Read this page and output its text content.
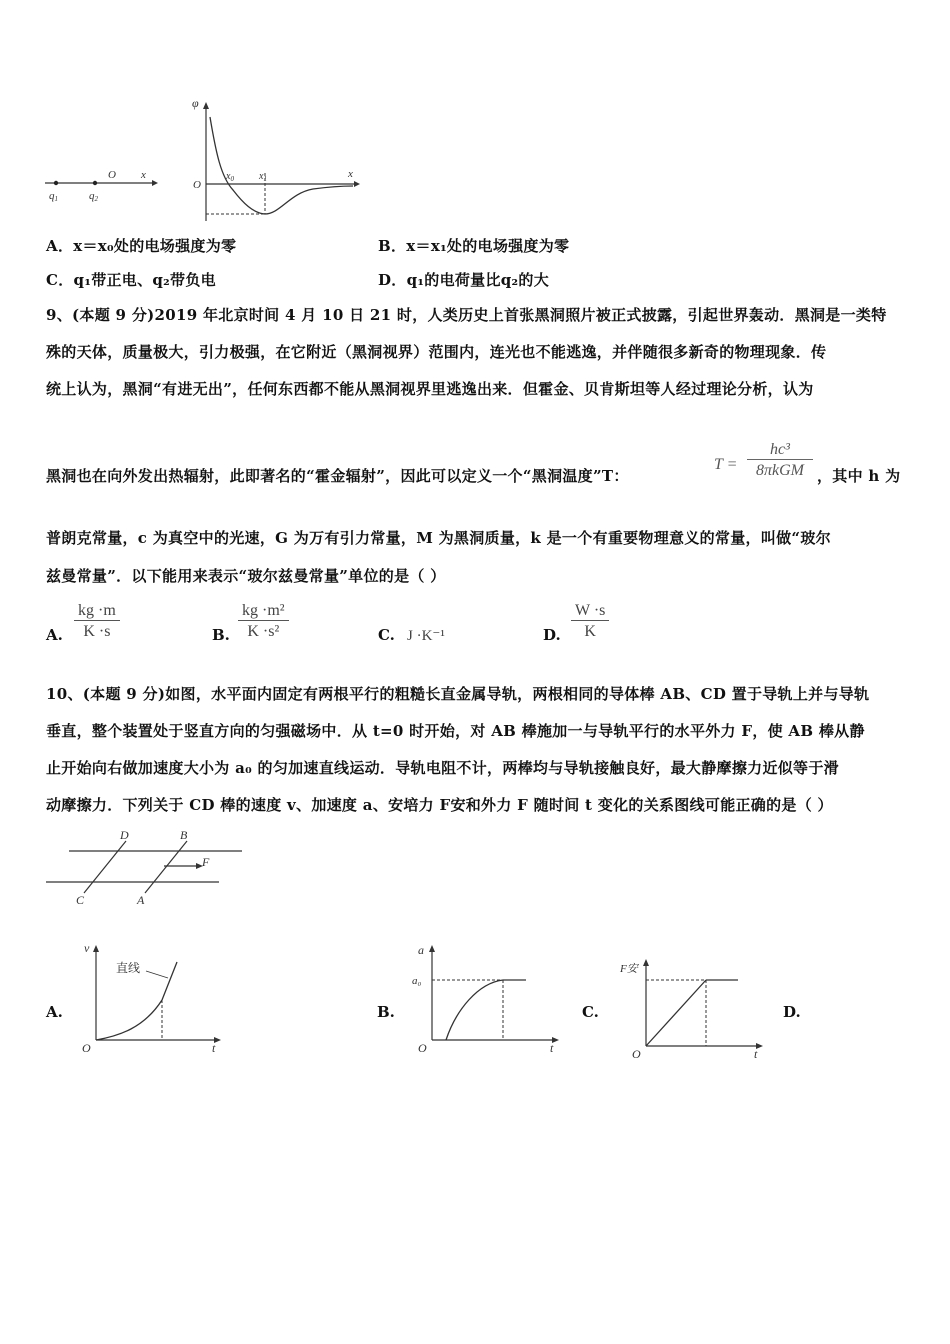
q1	q2
O x
φ
O
$x_0$	$x_1$	x
A．x＝x₀处的电场强度为零	B．x＝x₁处的电场强度为零
C．q₁带正电、q₂带负电	D．q₁的电荷量比q₂的大
9、(本题 9 分)2019 年北京时间 4 月 10 日 21 时，人类历史上首张黑洞照片被正式披露，引起世界轰动．黑洞是一类特
殊的天体，质量极大，引力极强，在它附近（黑洞视界）范围内，连光也不能逃逸，并伴随很多新奇的物理现象．传
统上认为，黑洞“有进无出”，任何东西都不能从黑洞视界里逃逸出来．但霍金、贝肯斯坦等人经过理论分析，认为
黑洞也在向外发出热辐射，此即著名的“霍金辐射”，因此可以定义一个“黑洞温度”T：
T =
hc³
8πkGM ，其中 h 为
普朗克常量，c 为真空中的光速，G 为万有引力常量，M 为黑洞质量，k 是一个有重要物理意义的常量，叫做“玻尔
兹曼常量”．以下能用来表示“玻尔兹曼常量”单位的是（ ）
A. $\frac{kg \cdot m}{K \cdot s}$	B. $\frac{\text{kg ·m²}}{\text{K ·s²}}$	C. J ·K⁻¹	D. $\frac{W \cdot s}{K}$
10、(本题 9 分)如图，水平面内固定有两根平行的粗糙长直金属导轨，两根相同的导体棒 AB、CD 置于导轨上并与导轨
垂直，整个装置处于竖直方向的匀强磁场中．从 t=0 时开始，对 AB 棒施加一与导轨平行的水平外力 F，使 AB 棒从静
止开始向右做加速度大小为 a₀ 的匀加速直线运动．导轨电阻不计，两棒均与导轨接触良好，最大静摩擦力近似等于滑
动摩擦力．下列关于 CD 棒的速度 v、加速度 a、安培力 F安和外力 F 随时间 t 变化的关系图线可能正确的是（ ）
D	B
C	A
F
A.	B.	C.	D.
v
t
O
直线
a
a₀
t
O
F安
t
O
